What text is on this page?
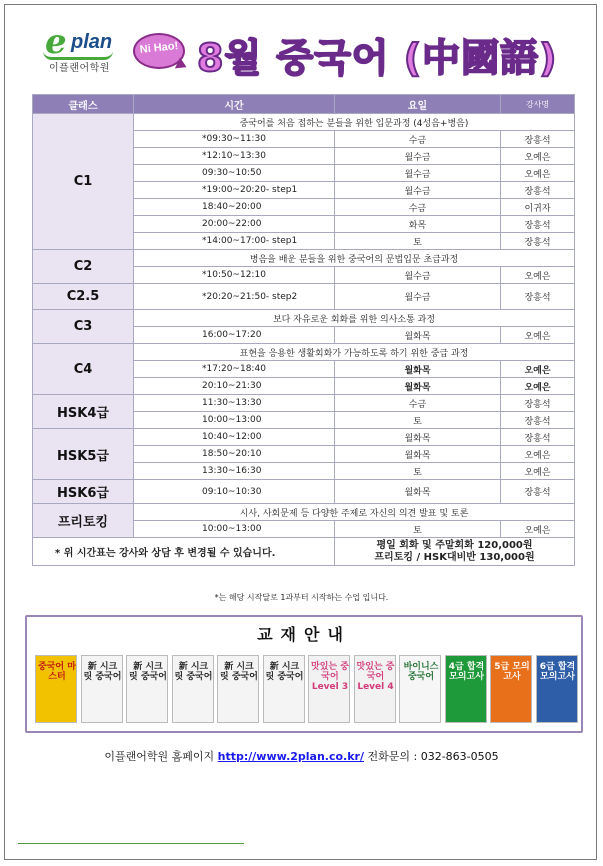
e plan
이플랜어학원
Ni Hao! 8월 중국어 (中國語)
클래스	시간	요일	강사명
C1	중국어를 처음 접하는 분들을 위한 입문과정 (4성음+병음)		
	*09:30~11:30	수금	장흥석
	*12:10~13:30	월수금	오예은
	09:30~10:50	월수금	오예은
	*19:00~20:20- step1	월수금	장흥석
	18:40~20:00	수금	이귀자
	20:00~22:00	화목	장흥석
	*14:00~17:00- step1	토	장흥석
C2	병음을 배운 분들을 위한 중국어의 문법입문 초급과정		
	*10:50~12:10	월수금	오예은
C2.5	*20:20~21:50- step2	월수금	장흥석
C3	보다 자유로운 회화를 위한 의사소통 과정		
	16:00~17:20	월화목	오예은
C4	표현을 응용한 생활회화가 가능하도록 하기 위한 중급 과정		
	*17:20~18:40	월화목	오예은
	20:10~21:30	월화목	오예은
HSK4급	11:30~13:30	수금	장흥석
	10:00~13:00	토	장흥석
HSK5급	10:40~12:00	월화목	장흥석
	18:50~20:10	월화목	오예은
	13:30~16:30	토	오예은
HSK6급	09:10~10:30	월화목	장흥석
프리토킹	시사, 사회문제 등 다양한 주제로 자신의 의견 발표 및 토론		
	10:00~13:00	토	오예은
* 위 시간표는 강사와 상담 후 변경될 수 있습니다.		평일 회화 및 주말회화 120,000원
프리토킹 / HSK대비반 130,000원	
*는 해당 시작달로 1과부터 시작하는 수업 입니다.
교재안내
중국어 마스터
新 시크릿 중국어
新 시크릿 중국어
新 시크릿 중국어
新 시크릿 중국어
新 시크릿 중국어
맛있는 중국어 Level 3
맛있는 중국어 Level 4
바이니스 중국어
4급 합격모의고사
5급 모의고사
6급 합격모의고사
이플랜어학원 홈페이지 http://www.2plan.co.kr/ 전화문의 : 032-863-0505
